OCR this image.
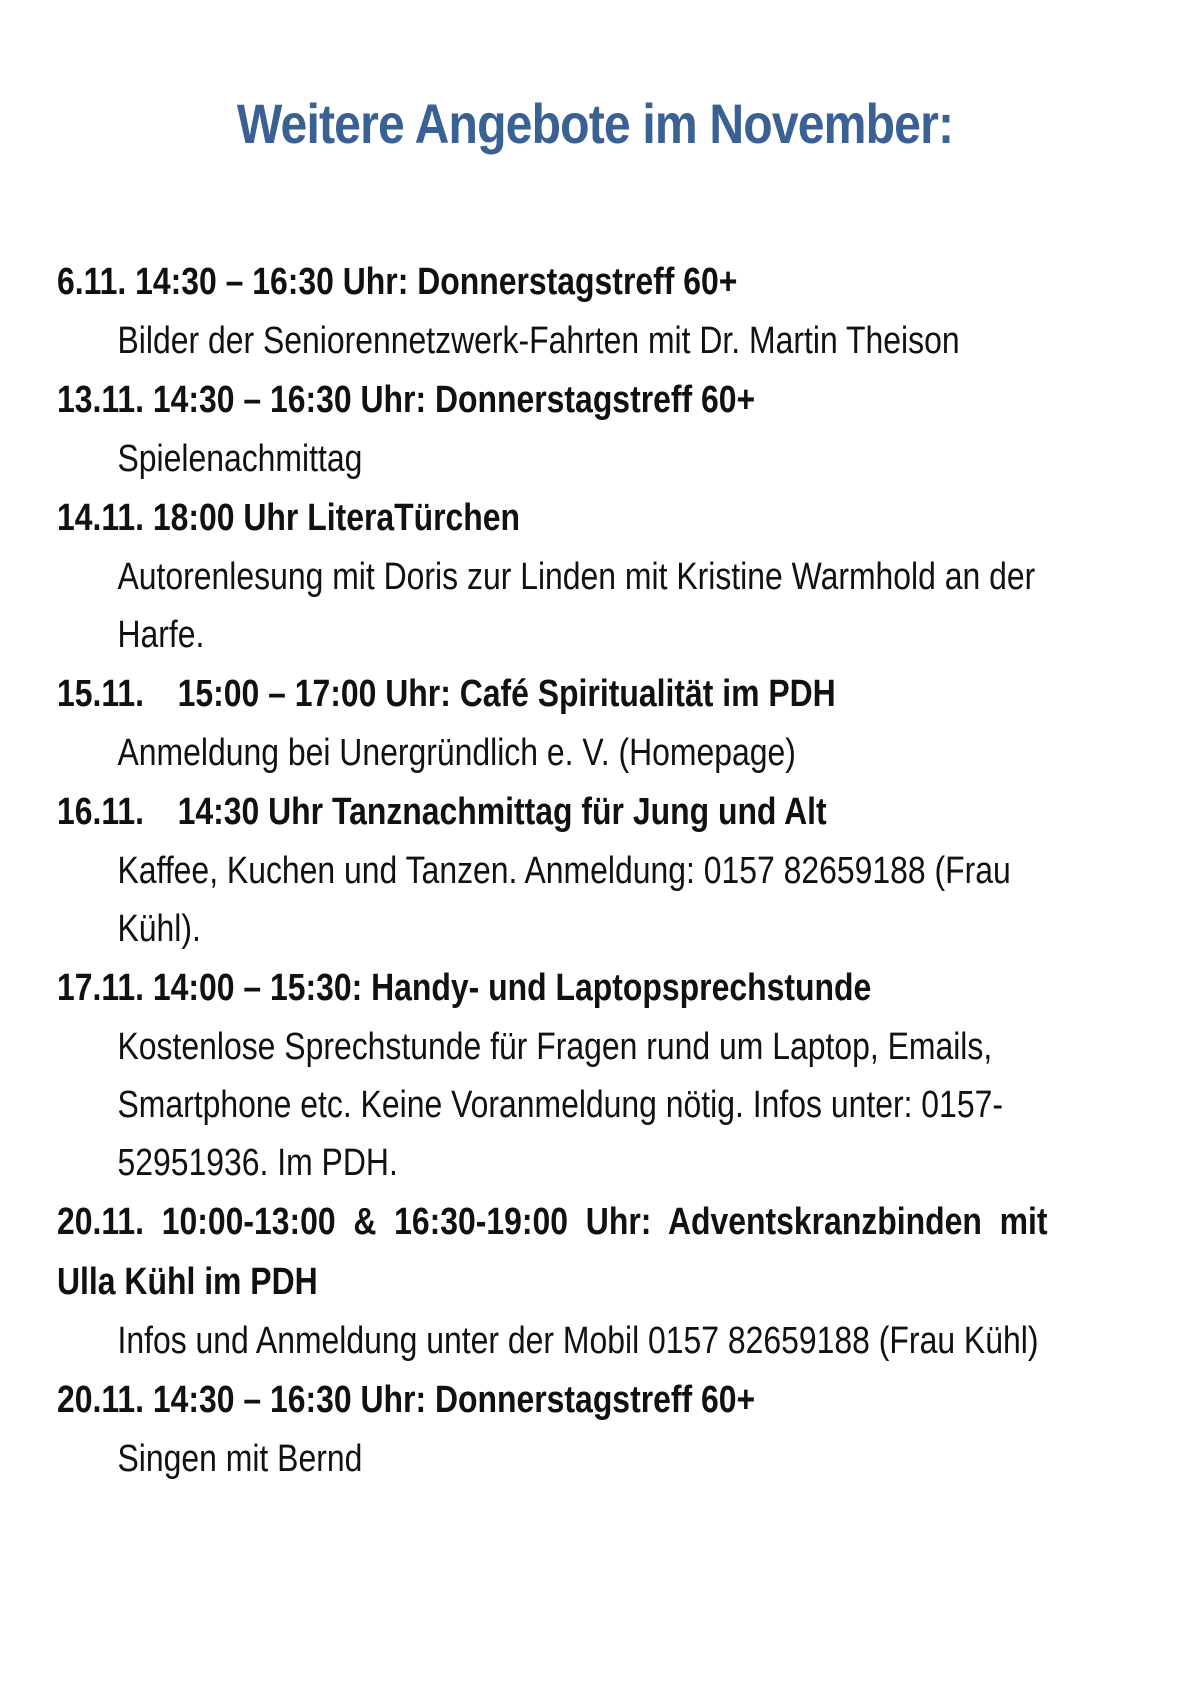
Weitere Angebote im November:
6.11. 14:30 – 16:30 Uhr: Donnerstagstreff 60+
Bilder der Seniorennetzwerk-Fahrten mit Dr. Martin Theison
13.11. 14:30 – 16:30 Uhr: Donnerstagstreff 60+
Spielenachmittag
14.11. 18:00 Uhr LiteraTürchen
Autorenlesung mit Doris zur Linden mit Kristine Warmhold an der
Harfe.
15.11. 15:00 – 17:00 Uhr: Café Spiritualität im PDH
Anmeldung bei Unergründlich e. V. (Homepage)
16.11. 14:30 Uhr Tanznachmittag für Jung und Alt
Kaffee, Kuchen und Tanzen. Anmeldung: 0157 82659188 (Frau
Kühl).
17.11. 14:00 – 15:30: Handy- und Laptopsprechstunde
Kostenlose Sprechstunde für Fragen rund um Laptop, Emails,
Smartphone etc. Keine Voranmeldung nötig. Infos unter: 0157-
52951936. Im PDH.
20.11.  10:00-13:00  &  16:30-19:00  Uhr:  Adventskranzbinden  mit
Ulla Kühl im PDH
Infos und Anmeldung unter der Mobil 0157 82659188 (Frau Kühl)
20.11. 14:30 – 16:30 Uhr: Donnerstagstreff 60+
Singen mit Bernd
